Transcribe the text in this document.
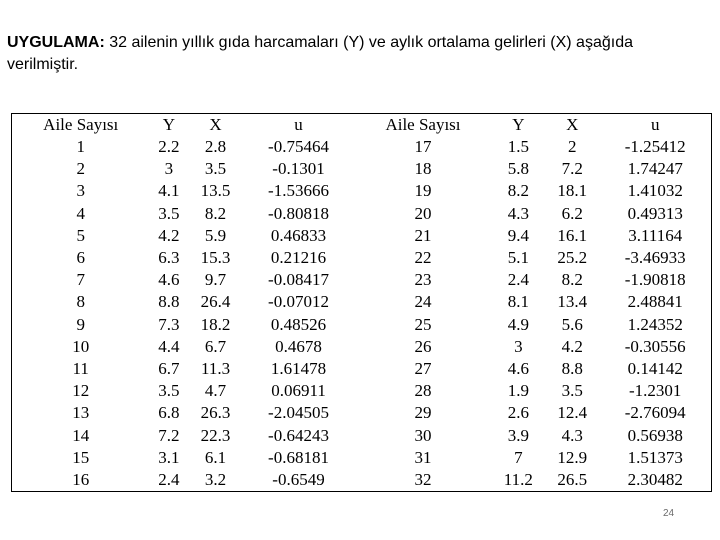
UYGULAMA: 32 ailenin yıllık gıda harcamaları (Y) ve aylık ortalama gelirleri (X) aşağıda verilmiştir.
Aile Sayısı	Y	X	u	Aile Sayısı	Y	X	u
1	2.2	2.8	-0.75464	17	1.5	2	-1.25412
2	3	3.5	-0.1301	18	5.8	7.2	1.74247
3	4.1	13.5	-1.53666	19	8.2	18.1	1.41032
4	3.5	8.2	-0.80818	20	4.3	6.2	0.49313
5	4.2	5.9	0.46833	21	9.4	16.1	3.11164
6	6.3	15.3	0.21216	22	5.1	25.2	-3.46933
7	4.6	9.7	-0.08417	23	2.4	8.2	-1.90818
8	8.8	26.4	-0.07012	24	8.1	13.4	2.48841
9	7.3	18.2	0.48526	25	4.9	5.6	1.24352
10	4.4	6.7	0.4678	26	3	4.2	-0.30556
11	6.7	11.3	1.61478	27	4.6	8.8	0.14142
12	3.5	4.7	0.06911	28	1.9	3.5	-1.2301
13	6.8	26.3	-2.04505	29	2.6	12.4	-2.76094
14	7.2	22.3	-0.64243	30	3.9	4.3	0.56938
15	3.1	6.1	-0.68181	31	7	12.9	1.51373
16	2.4	3.2	-0.6549	32	11.2	26.5	2.30482
24
